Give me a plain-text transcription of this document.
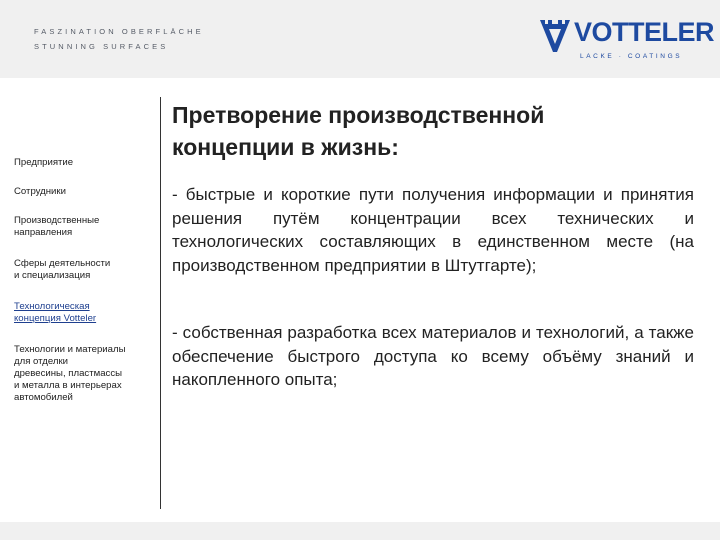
FASZINATION OBERFLÄCHE
STUNNING SURFACES	VOTTELER
LACKE · COATINGS
Предприятие
Сотрудники
Производственные
направления
Сферы деятельности
и специализация
Технологическая
концепция Votteler
Технологии и материалы
для отделки
древесины, пластмассы
и металла в интерьерах
автомобилей
Претворение производственной
концепции в жизнь:
- быстрые и короткие пути получения информации и принятия решения путём концентрации всех технических и технологических составляющих в единственном месте (на производственном предприятии в Штутгарте);
- собственная разработка всех материалов и технологий, а также обеспечение быстрого доступа ко всему объёму знаний и накопленного опыта;
